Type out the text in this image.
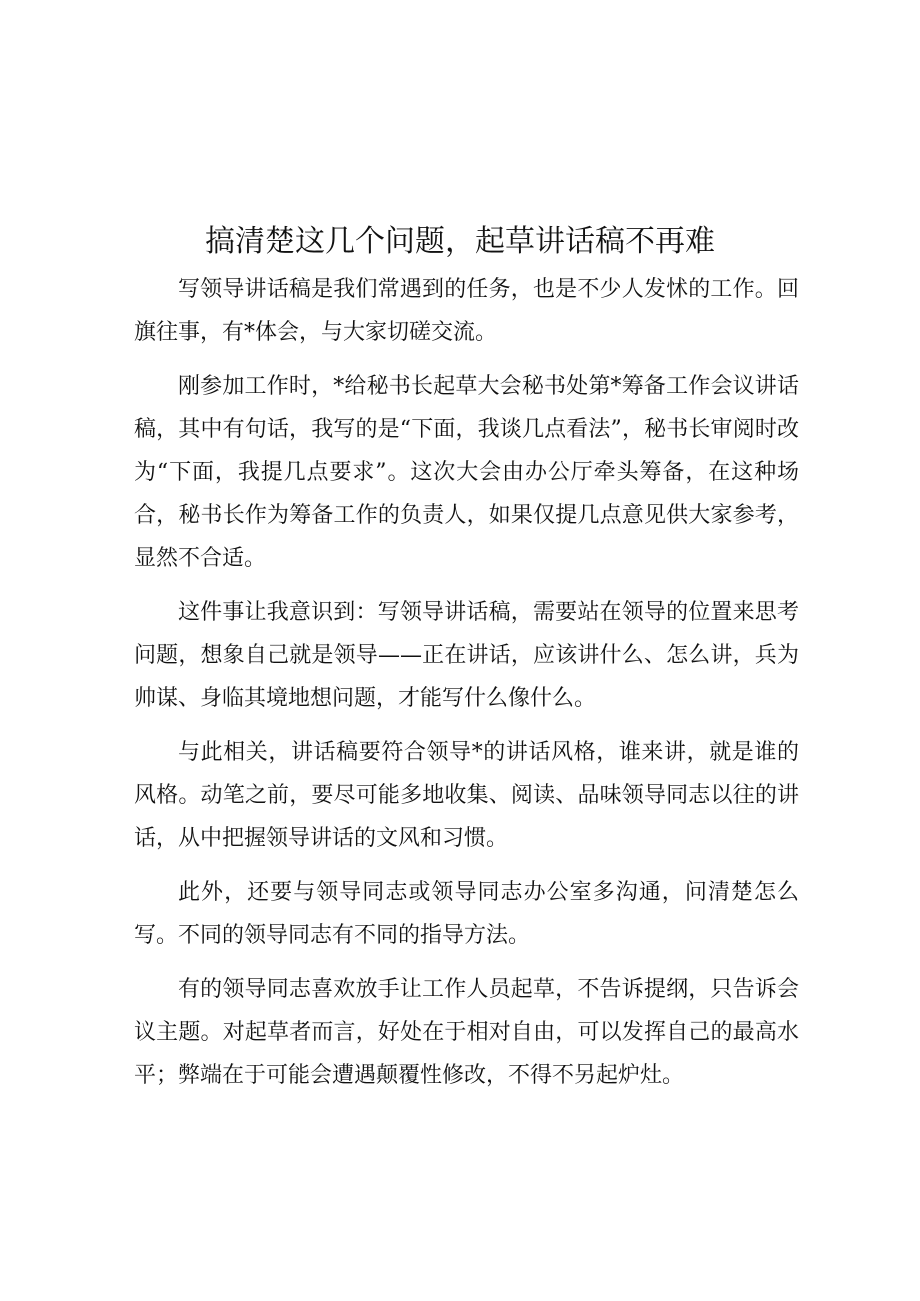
搞清楚这几个问题，起草讲话稿不再难

写领导讲话稿是我们常遇到的任务，也是不少人发怵的工作。回旗往事，有*体会，与大家切磋交流。

刚参加工作时，*给秘书长起草大会秘书处第*筹备工作会议讲话稿，其中有句话，我写的是“下面，我谈几点看法”，秘书长审阅时改为“下面，我提几点要求”。这次大会由办公厅牵头筹备，在这种场合，秘书长作为筹备工作的负责人，如果仅提几点意见供大家参考，显然不合适。

这件事让我意识到：写领导讲话稿，需要站在领导的位置来思考问题，想象自己就是领导——正在讲话，应该讲什么、怎么讲，兵为帅谋、身临其境地想问题，才能写什么像什么。

与此相关，讲话稿要符合领导*的讲话风格，谁来讲，就是谁的风格。动笔之前，要尽可能多地收集、阅读、品味领导同志以往的讲话，从中把握领导讲话的文风和习惯。

此外，还要与领导同志或领导同志办公室多沟通，问清楚怎么写。不同的领导同志有不同的指导方法。

有的领导同志喜欢放手让工作人员起草，不告诉提纲，只告诉会议主题。对起草者而言，好处在于相对自由，可以发挥自己的最高水平；弊端在于可能会遭遇颠覆性修改，不得不另起炉灶。
